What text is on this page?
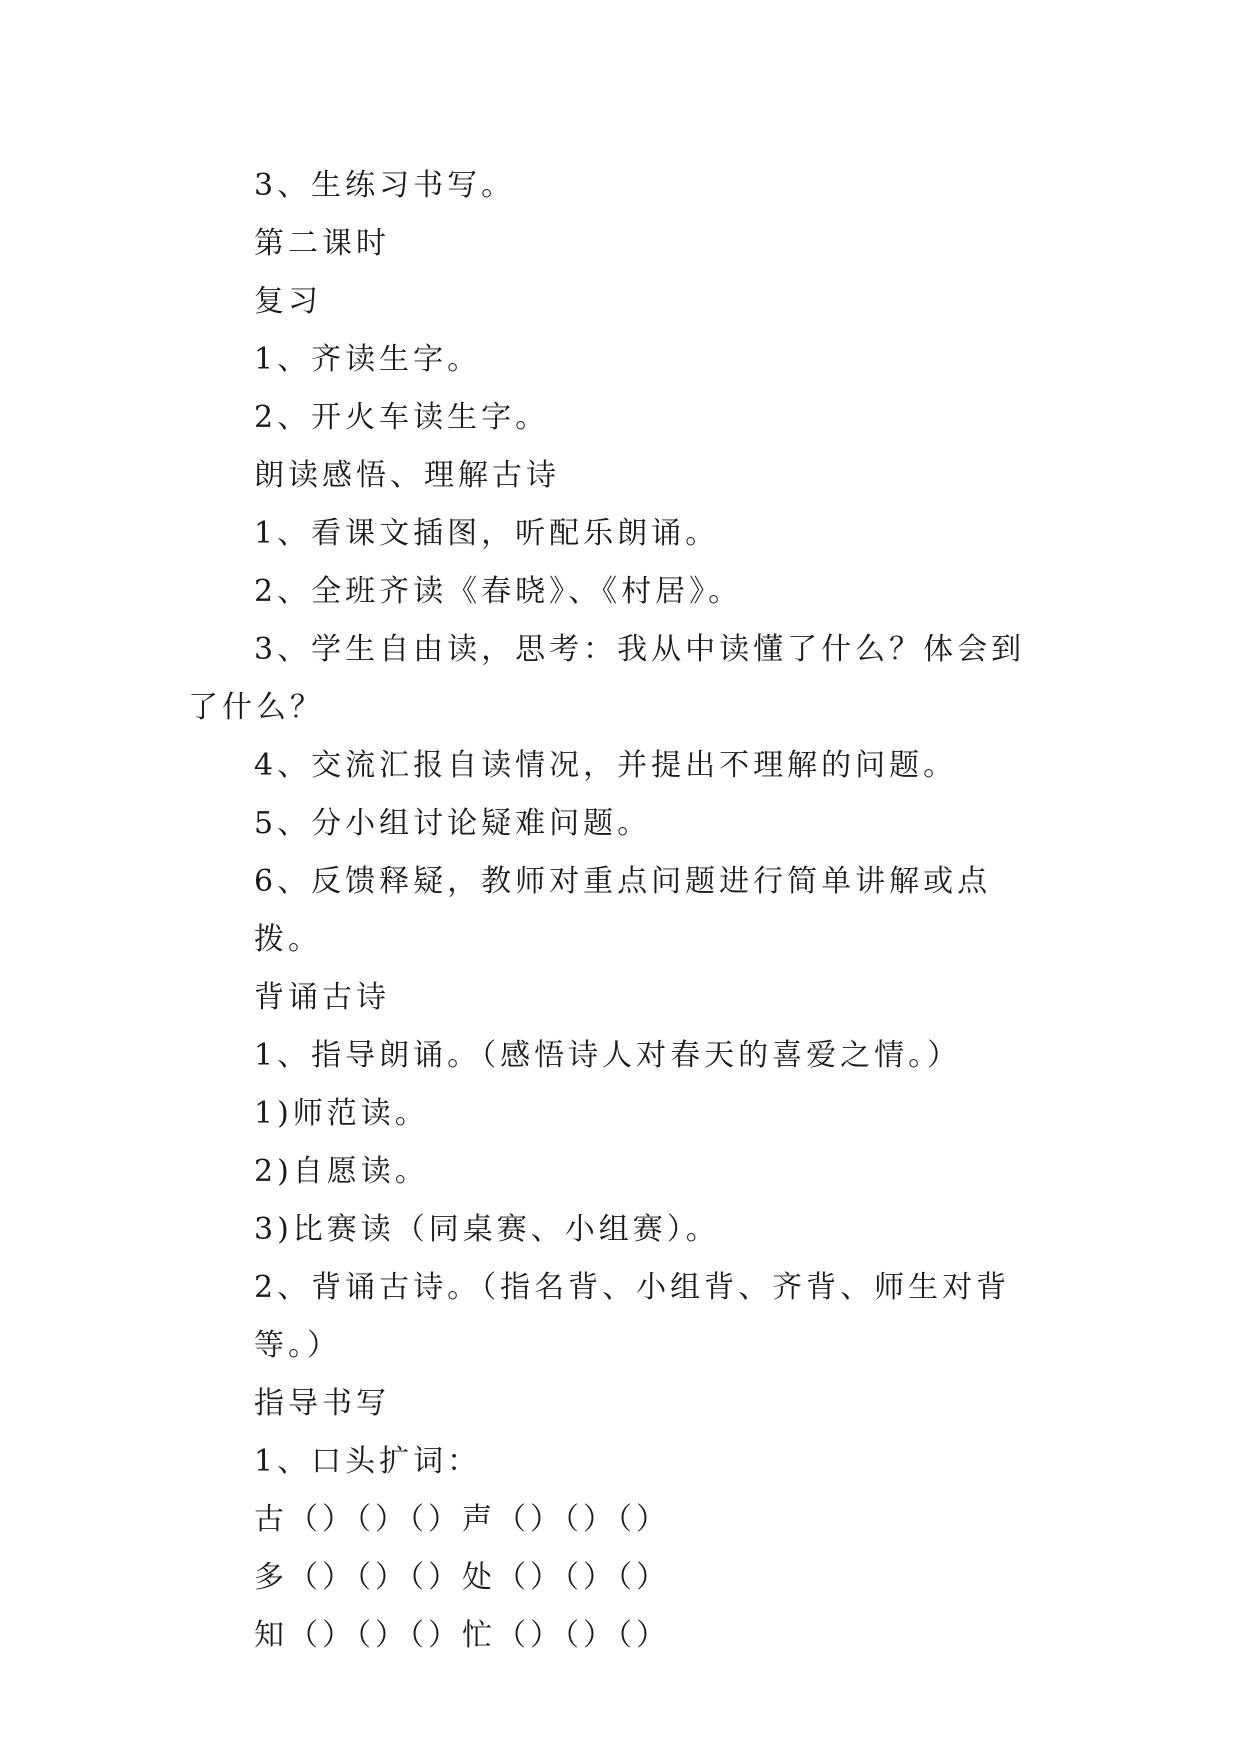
3、生练习书写。
第二课时
复习
1、齐读生字。
2、开火车读生字。
朗读感悟、理解古诗
1、看课文插图，听配乐朗诵。
2、全班齐读《春晓》、《村居》。
3、学生自由读，思考：我从中读懂了什么？体会到了什么？
4、交流汇报自读情况，并提出不理解的问题。
5、分小组讨论疑难问题。
6、反馈释疑，教师对重点问题进行简单讲解或点拨。
背诵古诗
1、指导朗诵。（感悟诗人对春天的喜爱之情。）
1)师范读。
2)自愿读。
3)比赛读（同桌赛、小组赛）。
2、背诵古诗。（指名背、小组背、齐背、师生对背等。）
指导书写
1、口头扩词：
古（）（）（）声（）（）（）
多（）（）（）处（）（）（）
知（）（）（）忙（）（）（）
